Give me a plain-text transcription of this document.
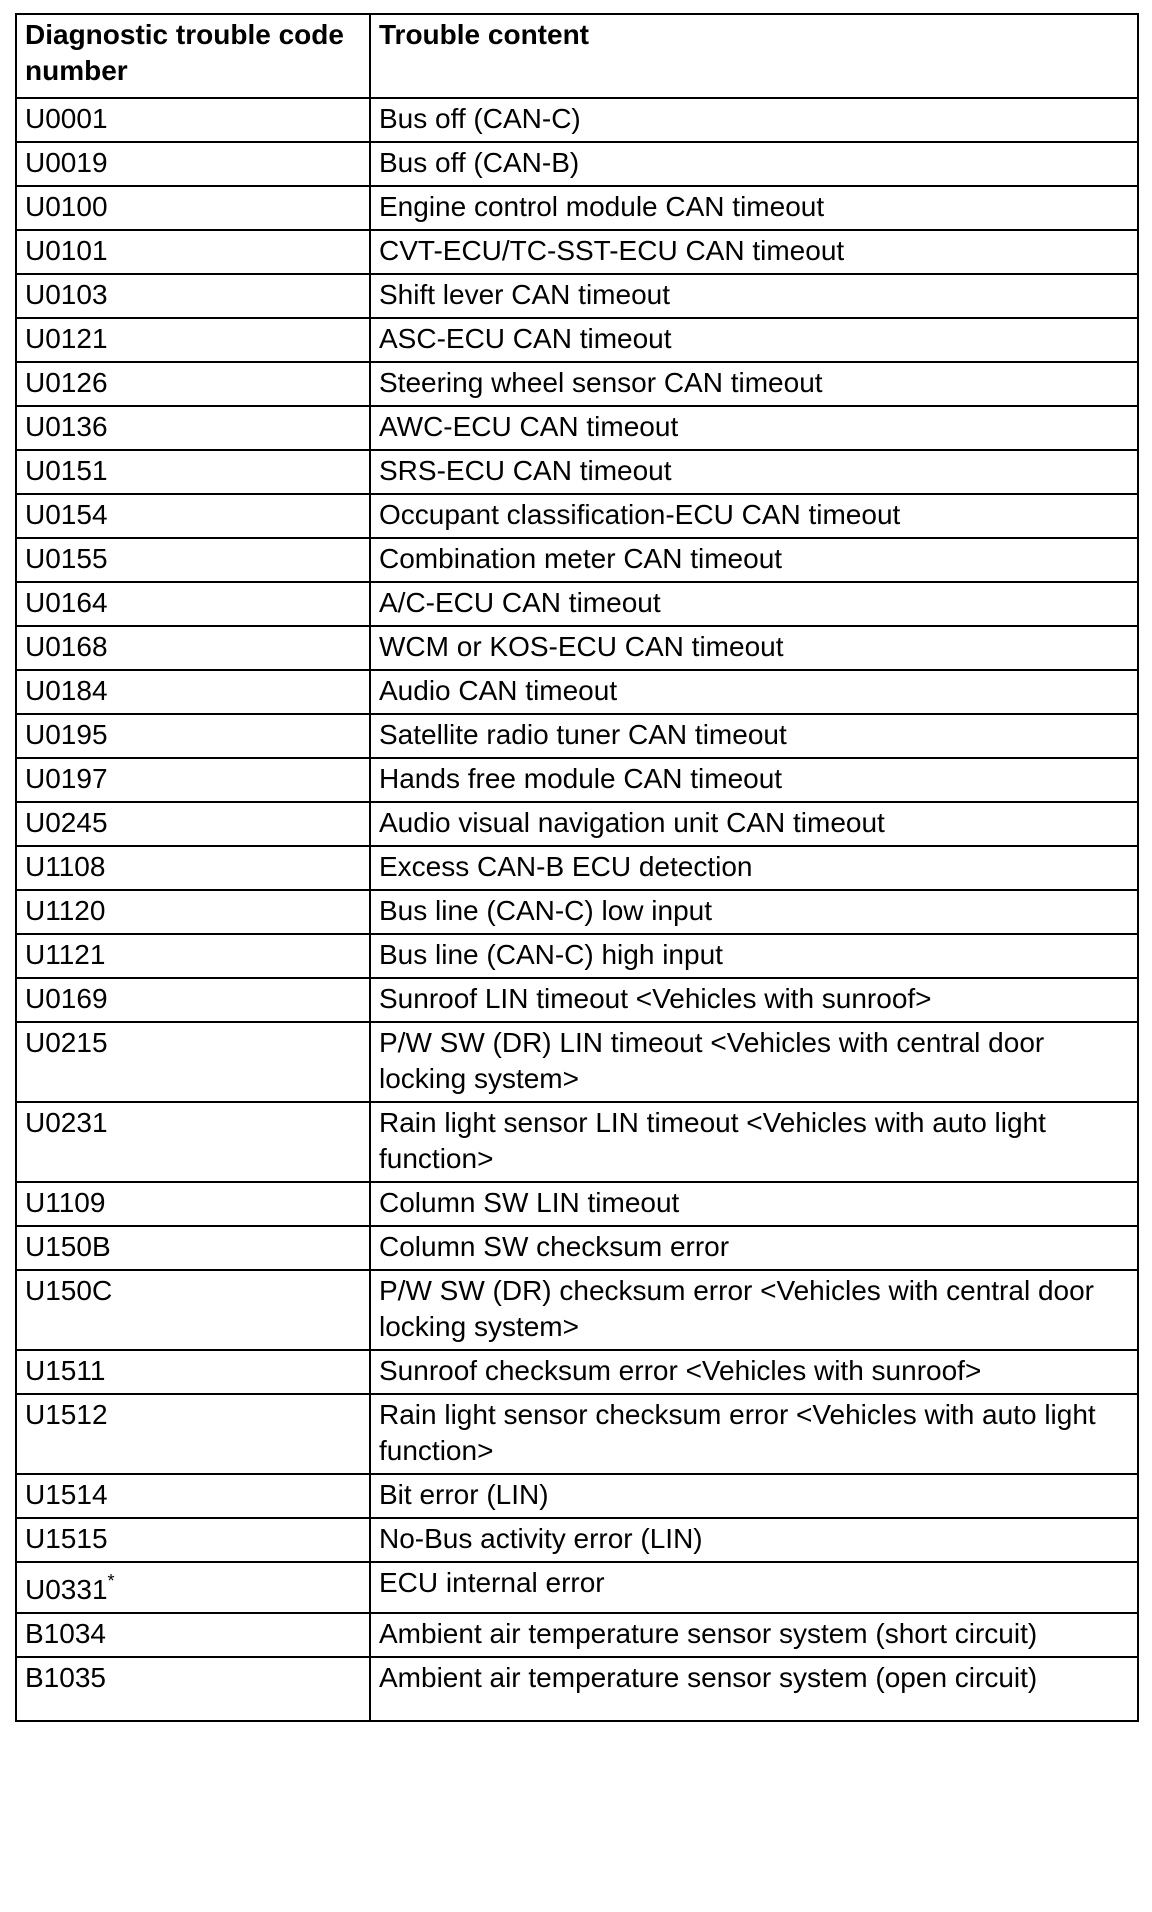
Diagnostic trouble code number	Trouble content
U0001	Bus off (CAN-C)
U0019	Bus off (CAN-B)
U0100	Engine control module CAN timeout
U0101	CVT-ECU/TC-SST-ECU CAN timeout
U0103	Shift lever CAN timeout
U0121	ASC-ECU CAN timeout
U0126	Steering wheel sensor CAN timeout
U0136	AWC-ECU CAN timeout
U0151	SRS-ECU CAN timeout
U0154	Occupant classification-ECU CAN timeout
U0155	Combination meter CAN timeout
U0164	A/C-ECU CAN timeout
U0168	WCM or KOS-ECU CAN timeout
U0184	Audio CAN timeout
U0195	Satellite radio tuner CAN timeout
U0197	Hands free module CAN timeout
U0245	Audio visual navigation unit CAN timeout
U1108	Excess CAN-B ECU detection
U1120	Bus line (CAN-C) low input
U1121	Bus line (CAN-C) high input
U0169	Sunroof LIN timeout <Vehicles with sunroof>
U0215	P/W SW (DR) LIN timeout <Vehicles with central door locking system>
U0231	Rain light sensor LIN timeout <Vehicles with auto light function>
U1109	Column SW LIN timeout
U150B	Column SW checksum error
U150C	P/W SW (DR) checksum error <Vehicles with central door locking system>
U1511	Sunroof checksum error <Vehicles with sunroof>
U1512	Rain light sensor checksum error <Vehicles with auto light function>
U1514	Bit error (LIN)
U1515	No-Bus activity error (LIN)
U0331*	ECU internal error
B1034	Ambient air temperature sensor system (short circuit)
B1035	Ambient air temperature sensor system (open circuit)
